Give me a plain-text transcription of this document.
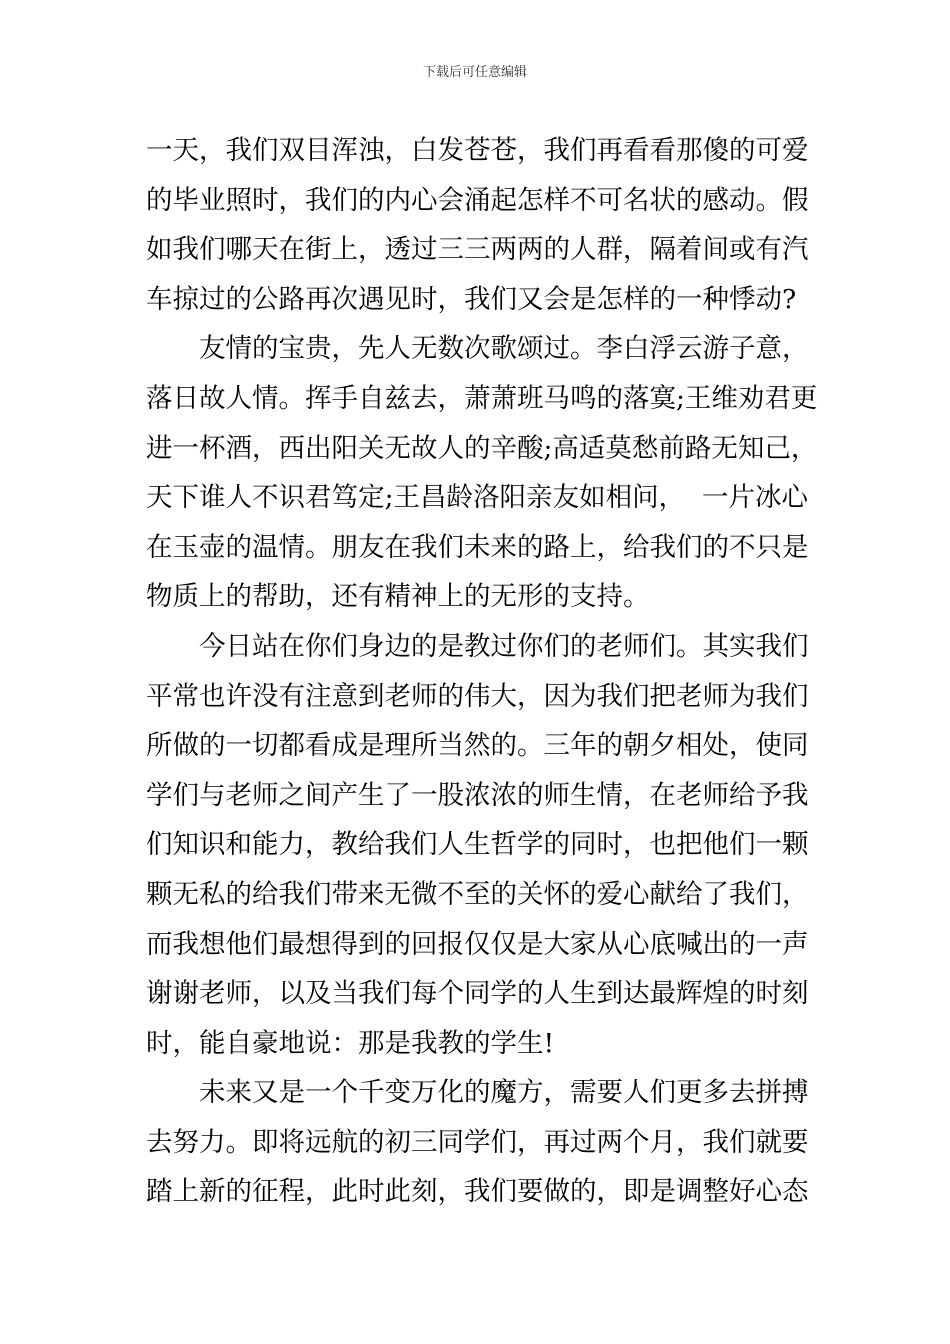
下载后可任意编辑
一天，我们双目浑浊，白发苍苍，我们再看看那傻的可爱
的毕业照时，我们的内心会涌起怎样不可名状的感动。假
如我们哪天在街上，透过三三两两的人群，隔着间或有汽
车掠过的公路再次遇见时，我们又会是怎样的一种悸动?
友情的宝贵，先人无数次歌颂过。李白浮云游子意，
落日故人情。挥手自兹去，萧萧班马鸣的落寞;王维劝君更
进一杯酒，西出阳关无故人的辛酸;高适莫愁前路无知己，
天下谁人不识君笃定;王昌龄洛阳亲友如相问，  一片冰心
在玉壶的温情。朋友在我们未来的路上，给我们的不只是
物质上的帮助，还有精神上的无形的支持。
今日站在你们身边的是教过你们的老师们。其实我们
平常也许没有注意到老师的伟大，因为我们把老师为我们
所做的一切都看成是理所当然的。三年的朝夕相处，使同
学们与老师之间产生了一股浓浓的师生情，在老师给予我
们知识和能力，教给我们人生哲学的同时，也把他们一颗
颗无私的给我们带来无微不至的关怀的爱心献给了我们，
而我想他们最想得到的回报仅仅是大家从心底喊出的一声
谢谢老师，以及当我们每个同学的人生到达最辉煌的时刻
时，能自豪地说：那是我教的学生!
未来又是一个千变万化的魔方，需要人们更多去拼搏
去努力。即将远航的初三同学们，再过两个月，我们就要
踏上新的征程，此时此刻，我们要做的，即是调整好心态
